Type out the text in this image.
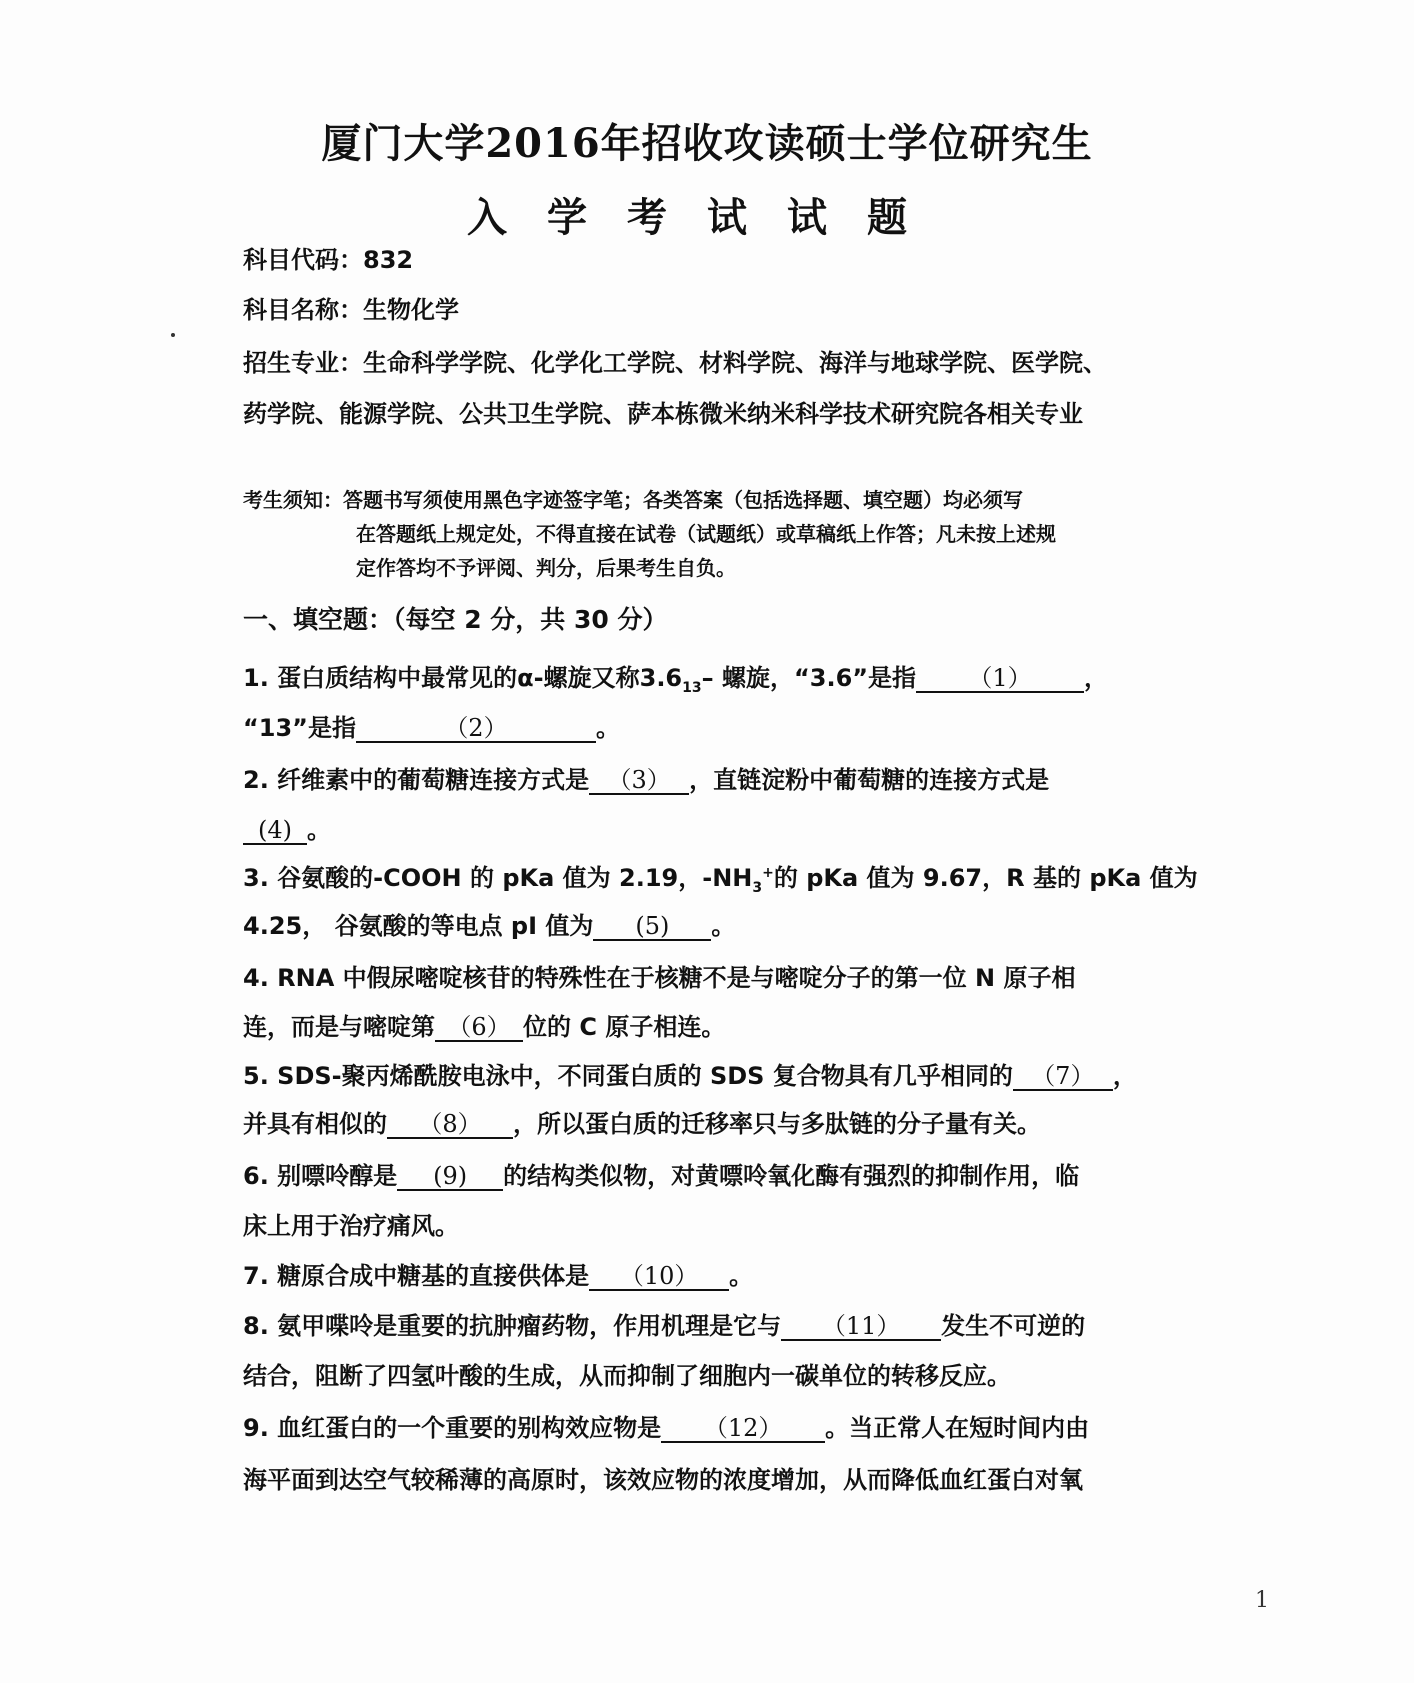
厦门大学2016年招收攻读硕士学位研究生
入学考试试题
科目代码：832
科目名称：生物化学
招生专业：生命科学学院、化学化工学院、材料学院、海洋与地球学院、医学院、
药学院、能源学院、公共卫生学院、萨本栋微米纳米科学技术研究院各相关专业
考生须知：答题书写须使用黑色字迹签字笔；各类答案（包括选择题、填空题）均必须写
在答题纸上规定处，不得直接在试卷（试题纸）或草稿纸上作答；凡未按上述规
定作答均不予评阅、判分，后果考生自负。
一、填空题：（每空 2 分，共 30 分）
1. 蛋白质结构中最常见的α-螺旋又称$3.6_{13}-$ 螺旋，“3.6”是指 （1） ，
“13”是指	（2）	。
2. 纤维素中的葡萄糖连接方式是 （3） ，直链淀粉中葡萄糖的连接方式是
(4) 。
3. 谷氨酸的-COOH 的 pKa 值为 2.19，$-NH_3^+$的 pKa 值为 9.67，R 基的 pKa 值为
4.25， 谷氨酸的等电点 pI 值为 (5) 。
4. RNA 中假尿嘧啶核苷的特殊性在于核糖不是与嘧啶分子的第一位 N 原子相
连，而是与嘧啶第 （6） 位的 C 原子相连。
5. SDS-聚丙烯酰胺电泳中，不同蛋白质的 SDS 复合物具有几乎相同的 （7） ，
并具有相似的 （8） ，所以蛋白质的迁移率只与多肽链的分子量有关。
6. 别嘌呤醇是 (9) 的结构类似物，对黄嘌呤氧化酶有强烈的抑制作用，临
床上用于治疗痛风。
7. 糖原合成中糖基的直接供体是 （10） 。
8. 氨甲喋呤是重要的抗肿瘤药物，作用机理是它与 （11） 发生不可逆的
结合，阻断了四氢叶酸的生成，从而抑制了细胞内一碳单位的转移反应。
9. 血红蛋白的一个重要的别构效应物是 （12） 。当正常人在短时间内由
海平面到达空气较稀薄的高原时，该效应物的浓度增加，从而降低血红蛋白对氧
1
